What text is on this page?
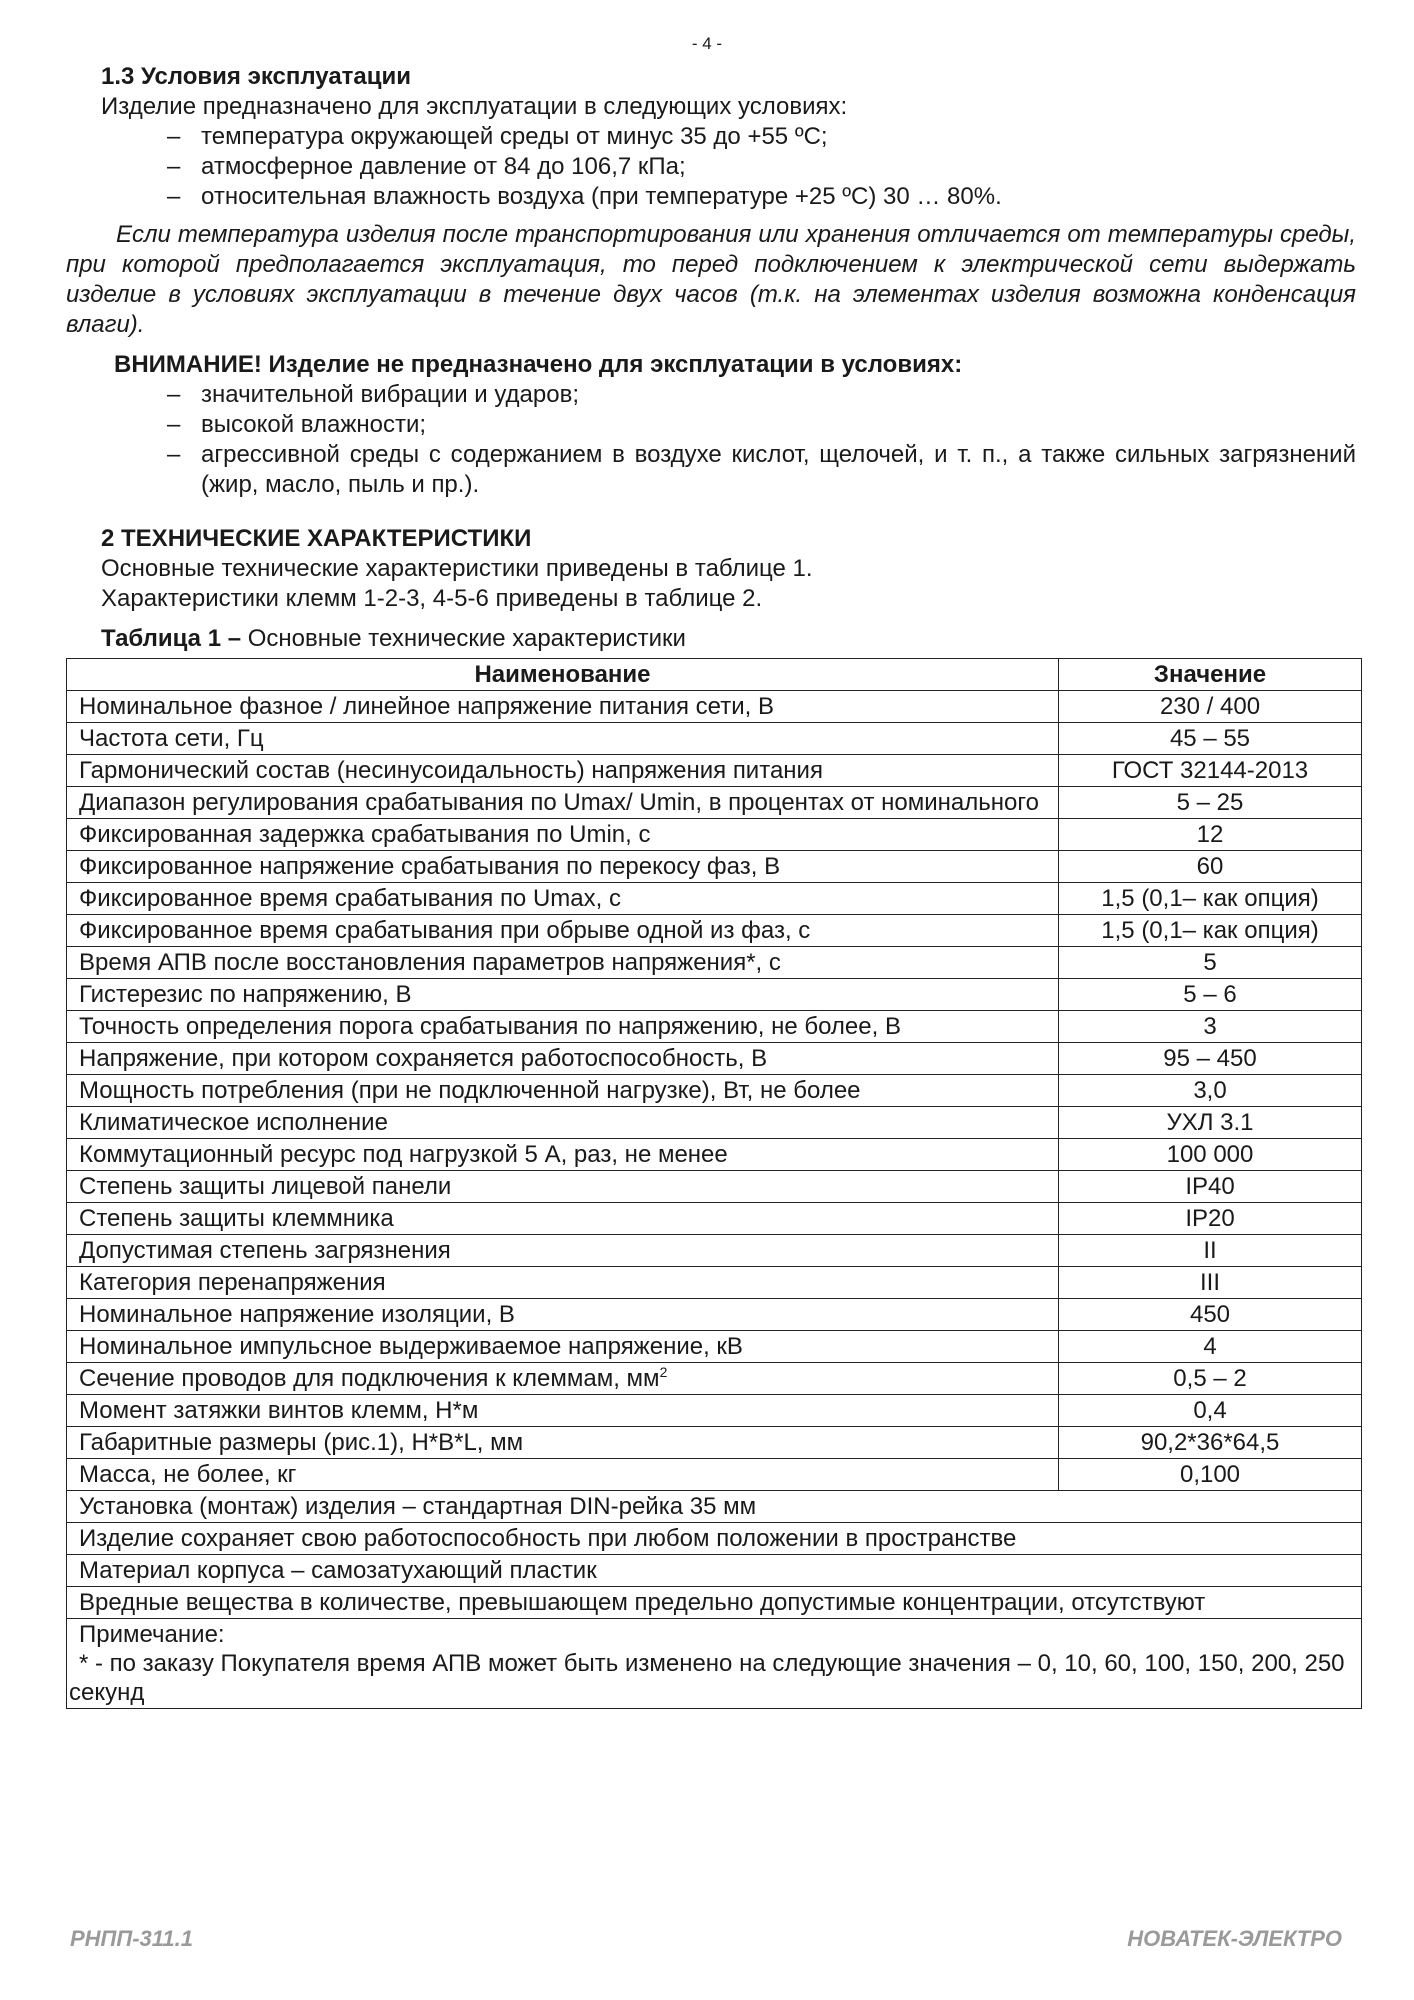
- 4 -
1.3 Условия эксплуатации
Изделие предназначено для эксплуатации в следующих условиях:
– температура окружающей среды от минус 35 до +55 ºС;
– атмосферное давление от 84 до 106,7 кПа;
– относительная влажность воздуха (при температуре +25 ºС) 30 … 80%.
Если температура изделия после транспортирования или хранения отличается от температуры среды, при которой предполагается эксплуатация, то перед подключением к электрической сети выдержать изделие в условиях эксплуатации в течение двух часов (т.к. на элементах изделия возможна конденсация влаги).
ВНИМАНИЕ! Изделие не предназначено для эксплуатации в условиях:
– значительной вибрации и ударов;
– высокой влажности;
– агрессивной среды с содержанием в воздухе кислот, щелочей, и т. п., а также сильных загрязнений (жир, масло, пыль и пр.).
2 ТЕХНИЧЕСКИЕ ХАРАКТЕРИСТИКИ
Основные технические характеристики приведены в таблице 1.
Характеристики клемм 1-2-3, 4-5-6 приведены в таблице 2.
Таблица 1 – Основные технические характеристики
Наименование	Значение
Номинальное фазное / линейное напряжение питания сети, В	230 / 400
Частота сети, Гц	45 – 55
Гармонический состав (несинусоидальность) напряжения питания	ГОСТ 32144-2013
Диапазон регулирования срабатывания по Umax/ Umin, в процентах от номинального	5 – 25
Фиксированная задержка срабатывания по Umin, с	12
Фиксированное напряжение срабатывания по перекосу фаз, В	60
Фиксированное время срабатывания по Umax, с	1,5 (0,1– как опция)
Фиксированное время срабатывания при обрыве одной из фаз, с	1,5 (0,1– как опция)
Время АПВ после восстановления параметров напряжения*, с	5
Гистерезис по напряжению, В	5 – 6
Точность определения порога срабатывания по напряжению, не более, В	3
Напряжение, при котором сохраняется работоспособность, В	95 – 450
Мощность потребления (при не подключенной нагрузке), Вт, не более	3,0
Климатическое исполнение	УХЛ 3.1
Коммутационный ресурс под нагрузкой 5 А, раз, не менее	100 000
Степень защиты лицевой панели	IP40
Степень защиты клеммника	IP20
Допустимая степень загрязнения	II
Категория перенапряжения	III
Номинальное напряжение изоляции, В	450
Номинальное импульсное выдерживаемое напряжение, кВ	4
Сечение проводов для подключения к клеммам, $мм^2$	0,5 – 2
Момент затяжки винтов клемм, Н*м	0,4
Габаритные размеры (рис.1), H*B*L, мм	90,2*36*64,5
Масса, не более, кг	0,100
Установка (монтаж) изделия – стандартная DIN-рейка 35 мм	
Изделие сохраняет свою работоспособность при любом положении в пространстве	
Материал корпуса – самозатухающий пластик	
Вредные вещества в количестве, превышающем предельно допустимые концентрации, отсутствуют	

Примечание:
* - по заказу Покупателя время АПВ может быть изменено на следующие значения – 0, 10, 60, 100, 150, 200, 250 секунд	
РНПП-311.1	НОВАТЕК-ЭЛЕКТРО
